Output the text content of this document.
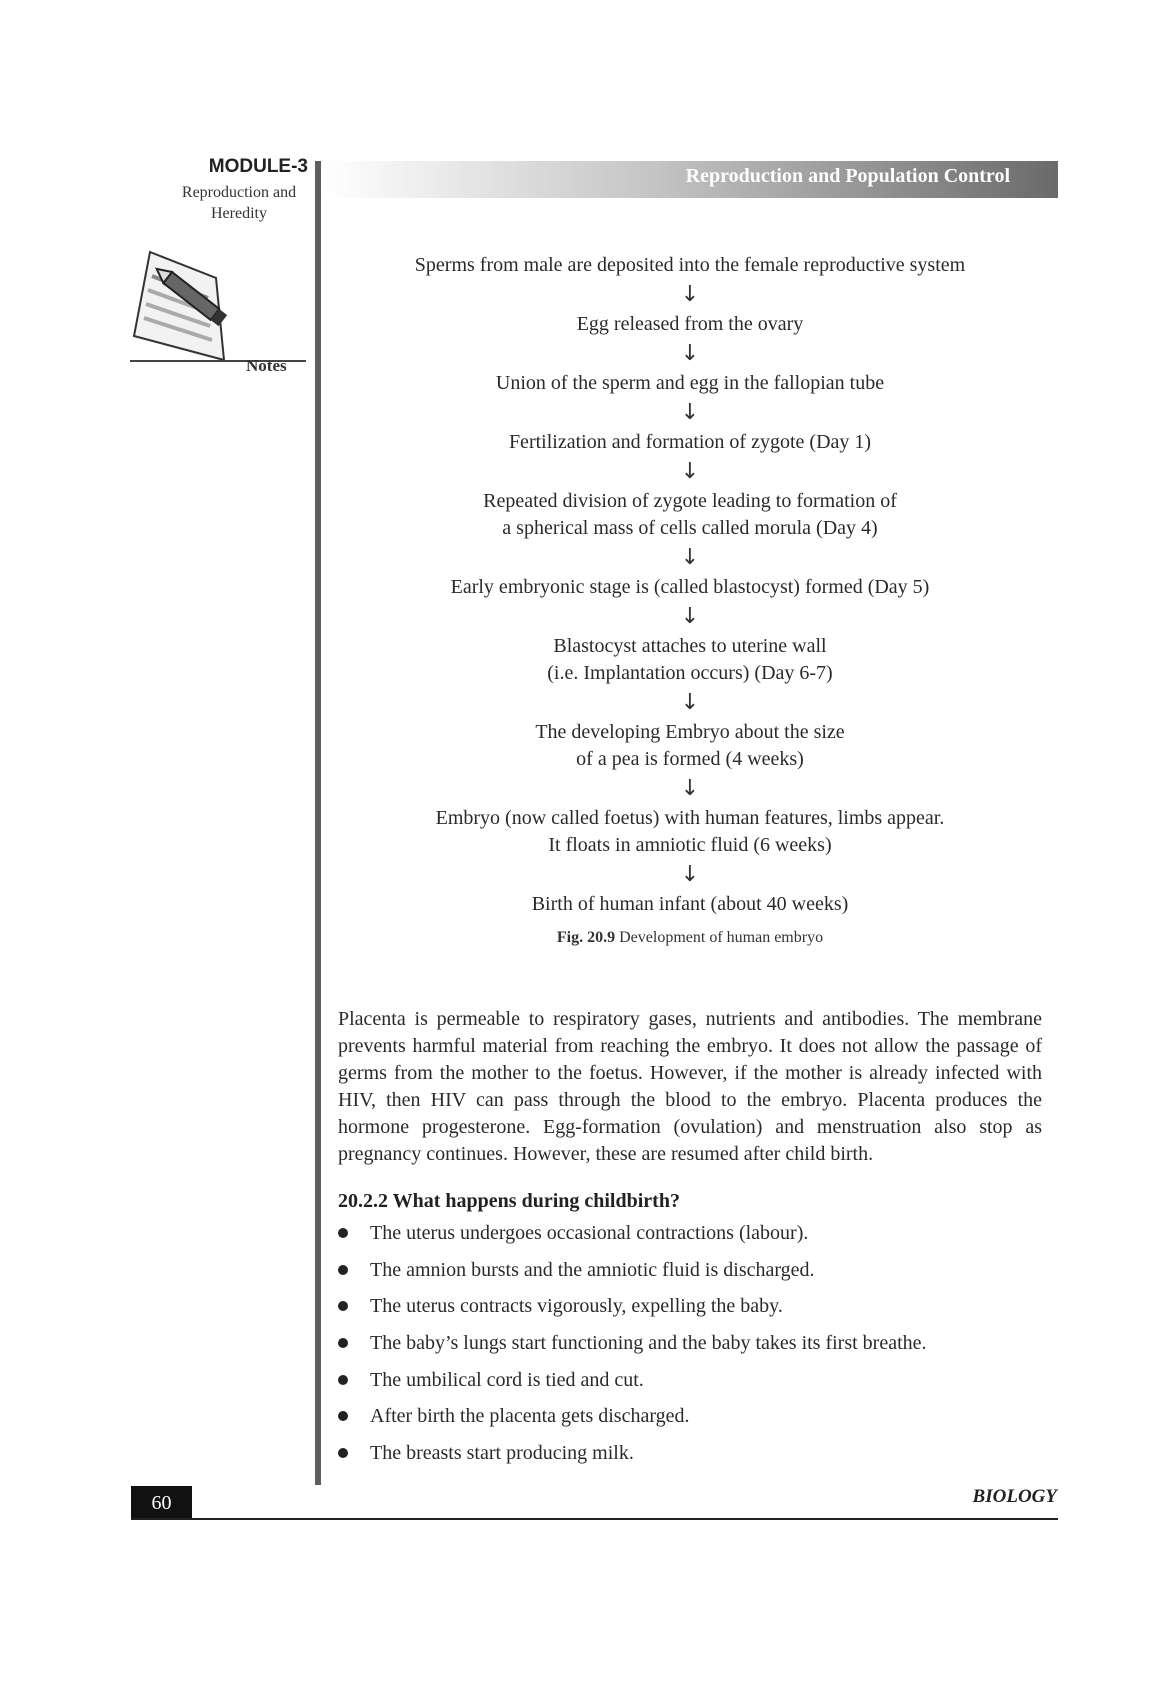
MODULE-3
Reproduction and
Heredity
Notes
Reproduction and Population Control
Sperms from male are deposited into the female reproductive system
↓
Egg released from the ovary
↓
Union of the sperm and egg in the fallopian tube
↓
Fertilization and formation of zygote (Day 1)
↓
Repeated division of zygote leading to formation of
a spherical mass of cells called morula (Day 4)
↓
Early embryonic stage is (called blastocyst) formed (Day 5)
↓
Blastocyst attaches to uterine wall
(i.e. Implantation occurs) (Day 6-7)
↓
The developing Embryo about the size
of a pea is formed (4 weeks)
↓
Embryo (now called foetus) with human features, limbs appear.
It floats in amniotic fluid (6 weeks)
↓
Birth of human infant (about 40 weeks)
Fig. 20.9 Development of human embryo
Placenta is permeable to respiratory gases, nutrients and antibodies. The membrane prevents harmful material from reaching the embryo. It does not allow the passage of germs from the mother to the foetus. However, if the mother is already infected with HIV, then HIV can pass through the blood to the embryo. Placenta produces the hormone progesterone. Egg-formation (ovulation) and menstruation also stop as pregnancy continues. However, these are resumed after child birth.
20.2.2 What happens during childbirth?
The uterus undergoes occasional contractions (labour).
The amnion bursts and the amniotic fluid is discharged.
The uterus contracts vigorously, expelling the baby.
The baby’s lungs start functioning and the baby takes its first breathe.
The umbilical cord is tied and cut.
After birth the placenta gets discharged.
The breasts start producing milk.
60	BIOLOGY
